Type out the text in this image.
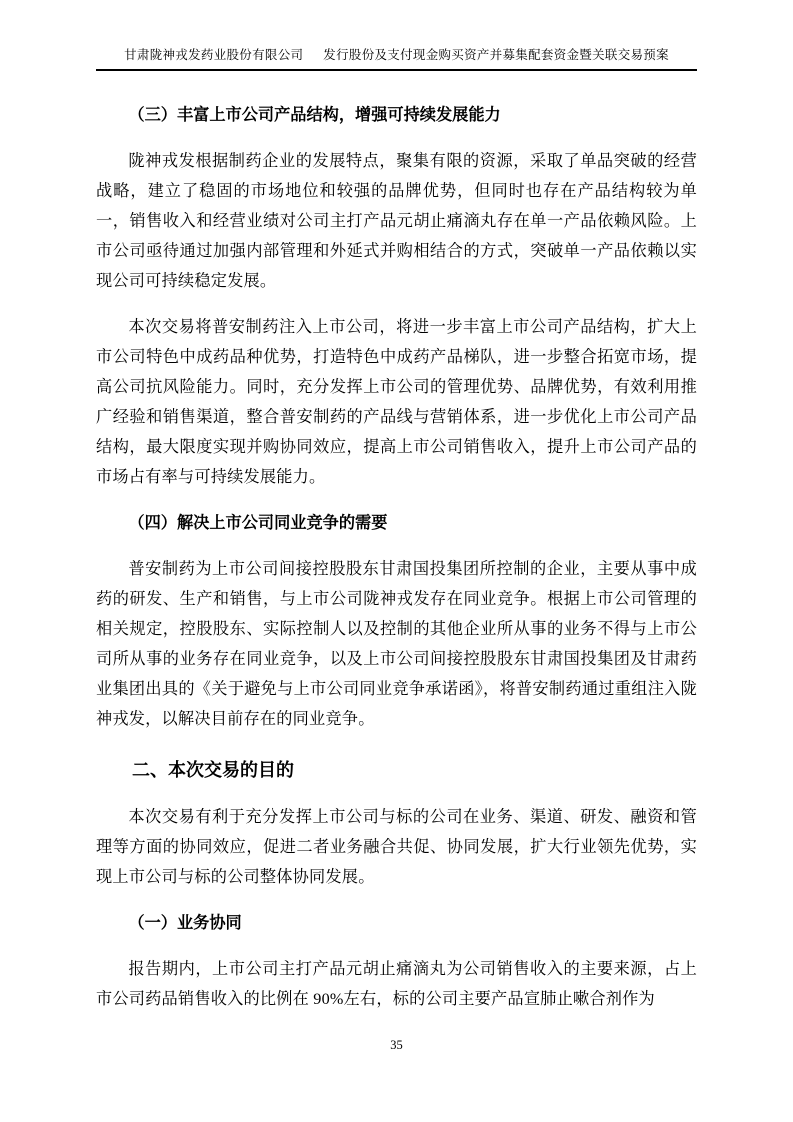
甘肃陇神戎发药业股份有限公司 发行股份及支付现金购买资产并募集配套资金暨关联交易预案
（三）丰富上市公司产品结构，增强可持续发展能力

陇神戎发根据制药企业的发展特点，聚集有限的资源，采取了单品突破的经营战略，建立了稳固的市场地位和较强的品牌优势，但同时也存在产品结构较为单一，销售收入和经营业绩对公司主打产品元胡止痛滴丸存在单一产品依赖风险。上市公司亟待通过加强内部管理和外延式并购相结合的方式，突破单一产品依赖以实现公司可持续稳定发展。

本次交易将普安制药注入上市公司，将进一步丰富上市公司产品结构，扩大上市公司特色中成药品种优势，打造特色中成药产品梯队，进一步整合拓宽市场，提高公司抗风险能力。同时，充分发挥上市公司的管理优势、品牌优势，有效利用推广经验和销售渠道，整合普安制药的产品线与营销体系，进一步优化上市公司产品结构，最大限度实现并购协同效应，提高上市公司销售收入，提升上市公司产品的市场占有率与可持续发展能力。

（四）解决上市公司同业竞争的需要

普安制药为上市公司间接控股股东甘肃国投集团所控制的企业，主要从事中成药的研发、生产和销售，与上市公司陇神戎发存在同业竞争。根据上市公司管理的相关规定，控股股东、实际控制人以及控制的其他企业所从事的业务不得与上市公司所从事的业务存在同业竞争，以及上市公司间接控股股东甘肃国投集团及甘肃药业集团出具的《关于避免与上市公司同业竞争承诺函》，将普安制药通过重组注入陇神戎发，以解决目前存在的同业竞争。

二、本次交易的目的

本次交易有利于充分发挥上市公司与标的公司在业务、渠道、研发、融资和管理等方面的协同效应，促进二者业务融合共促、协同发展，扩大行业领先优势，实现上市公司与标的公司整体协同发展。

（一）业务协同

报告期内，上市公司主打产品元胡止痛滴丸为公司销售收入的主要来源，占上市公司药品销售收入的比例在 90%左右，标的公司主要产品宣肺止嗽合剂作为

35
